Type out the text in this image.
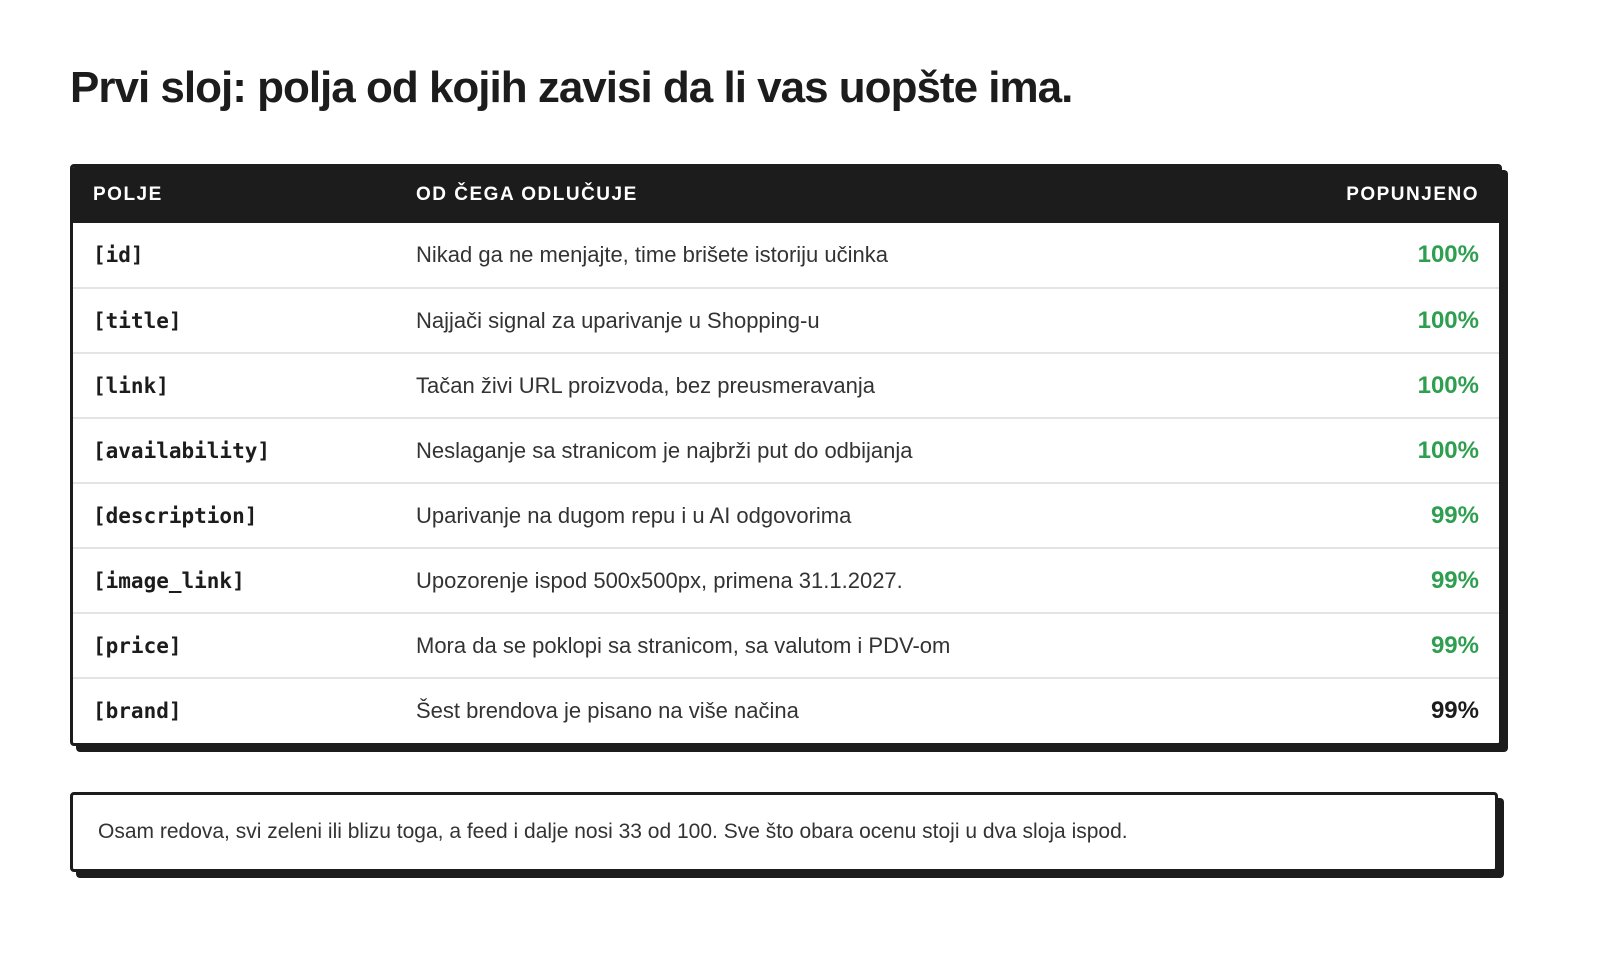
Prvi sloj: polja od kojih zavisi da li vas uopšte ima.
POLJE	OD ČEGA ODLUČUJE	POPUNJENO
[id]	Nikad ga ne menjajte, time brišete istoriju učinka	100%
[title]	Najjači signal za uparivanje u Shopping-u	100%
[link]	Tačan živi URL proizvoda, bez preusmeravanja	100%
[availability]	Neslaganje sa stranicom je najbrži put do odbijanja	100%
[description]	Uparivanje na dugom repu i u AI odgovorima	99%
[image_link]	Upozorenje ispod 500x500px, primena 31.1.2027.	99%
[price]	Mora da se poklopi sa stranicom, sa valutom i PDV-om	99%
[brand]	Šest brendova je pisano na više načina	99%
Osam redova, svi zeleni ili blizu toga, a feed i dalje nosi 33 od 100. Sve što obara ocenu stoji u dva sloja ispod.
